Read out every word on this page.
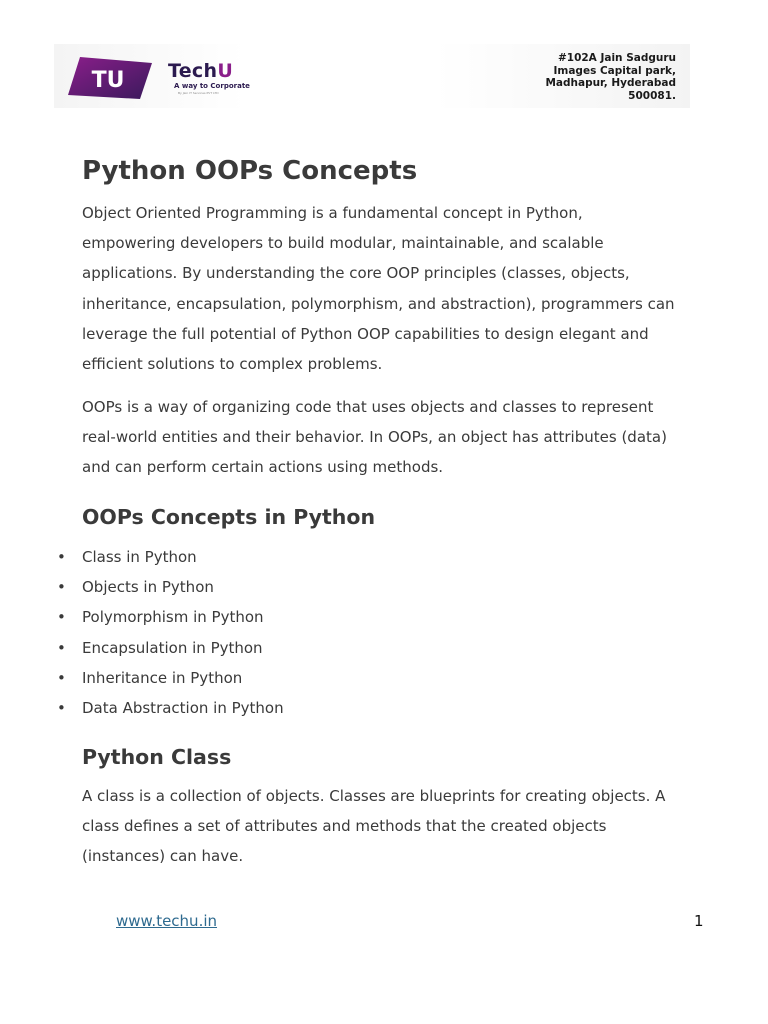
TU TechU
A way to Corporate
By Jain IT Services PVT LTD
#102A Jain Sadguru
Images Capital park,
Madhapur, Hyderabad
500081.
Python OOPs Concepts
Object Oriented Programming is a fundamental concept in Python,
empowering developers to build modular, maintainable, and scalable
applications. By understanding the core OOP principles (classes, objects,
inheritance, encapsulation, polymorphism, and abstraction), programmers can
leverage the full potential of Python OOP capabilities to design elegant and
efficient solutions to complex problems.
OOPs is a way of organizing code that uses objects and classes to represent
real-world entities and their behavior. In OOPs, an object has attributes (data)
and can perform certain actions using methods.
OOPs Concepts in Python
• Class in Python
• Objects in Python
• Polymorphism in Python
• Encapsulation in Python
• Inheritance in Python
• Data Abstraction in Python
Python Class
A class is a collection of objects. Classes are blueprints for creating objects. A
class defines a set of attributes and methods that the created objects
(instances) can have.
www.techu.in	1
